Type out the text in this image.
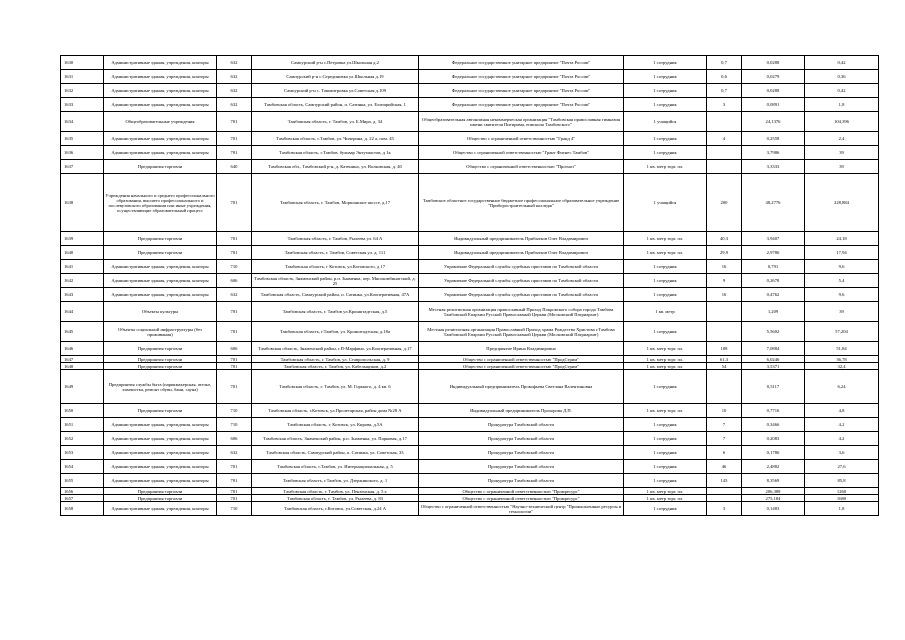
1630	Административные здания, учреждения, конторы	632	Сампурский р-н с.Петровка ул.Школьная д.2	Федеральное государственное унитарное предприятие "Почта России"	1 сотрудник	0,7	0,0288	0,42
1631	Административные здания, учреждения, конторы	632	Сампурский р-н с.Серединовка ул.Школьная д.19	Федеральное государственное унитарное предприятие "Почта России"	1 сотрудник	0,6	0,0279	0,36
1632	Административные здания, учреждения, конторы	632	Сампурский р-н с. Ташмитровка ул.Советская д.109	Федеральное государственное унитарное предприятие "Почта России"	1 сотрудник	0,7	0,0288	0,42
1633	Административные здания, учреждения, конторы	632	Тамбовская область, Сампурский район, п. Сатинка, ул. Елизарийская, 1	Федеральное государственное унитарное предприятие "Почта России"	1 сотрудник	3	0,0891	1,8
1634	Общеобразовательные учреждения	701	Тамбовская область, г. Тамбов, ул. Б.Мира, д. 34	Общеобразовательная автономная некоммерческая организация "Тамбовская православная гимназия имени святителя Питирима, епископа Тамбовского"	1 учащийся		24,1376	104,396
1635	Административные здания, учреждения, конторы	701	Тамбовская область, г.Тамбов, ул. Чичерина, д. 22 а, пом. 45	Общество с ограниченной ответственностью "Гранд 4"	1 сотрудник	4	0,2558	2,4
1636	Административные здания, учреждения, конторы	701	Тамбовская область, г.Тамбов, бульвар Энтузиастов, д 1к	Общество с ограниченной ответственностью "Грант Фитнес Тамбов"	1 сотрудник		3,7986	39
1637	Предприятия торговли	640	Тамбовская обл., Тамбовский р-н, д. Катенино, ул. Волковская, д. 40	Общество с ограниченной ответственностью "Прогноз"	1 кв. метр торг. пл.		3,3333	39
1638	Учреждения начального и среднего профессионального образования, высшего профессионального и послевузовского образования или иные учреждения, осуществляющие образовательный процесс	701	Тамбовская область, г. Тамбов, Моршанское шоссе, д.17	Тамбовское областное государственное бюджетное профессиональное образовательное учреждение "Приборостроительный колледж"	1 учащийся	200	48,2776	228,884
1639	Предприятия торговли	701	Тамбовская область, г. Тамбов, Рылеева ул. 64 А	Индивидуальный предприниматель Прибытков Олег Владимирович	1 кв. метр торг. пл.	40,3	3,9407	24,18
1640	Предприятия торговли	701	Тамбовская область, г. Тамбов, Советская ул. д. 111	Индивидуальный предприниматель Прибытков Олег Владимирович	1 кв. метр торг. пл.	29,9	2,9786	17,94
1641	Административные здания, учреждения, конторы	710	Тамбовская область, г Котовск, ул.Котовского, д 17	Управление Федеральной службы судебных приставов по Тамбовской области	1 сотрудник	16	0,791	9,6
1642	Административные здания, учреждения, конторы	606	Тамбовская область, Знаменский район, р.п. Знаменка, пер. Мясокомбинатский, д. 25	Управление Федеральной службы судебных приставов по Тамбовской области	1 сотрудник	9	0,2678	5,4
1643	Административные здания, учреждения, конторы	632	Тамбовская область, Сампурский район, п. Сатинка, ул.Кооперативная, 47А	Управление Федеральной службы судебных приставов по Тамбовской области	1 сотрудник	16	0,4762	9,6
1644	Объекты культуры	701	Тамбовская область, г. Тамбов ул.Кронштадтская, д.5	Местная религиозная организация православный Приход Покровского собора города Тамбова Тамбовской Епархии Русской Православной Церкви (Московский Патриархат)	1 кв. метр		1,209	39
1645	Объекты социальной инфраструктуры (без проживания)	701	Тамбовская область, г.Тамбов, ул. Кронштадтская, д.18а	Местная религиозная организация Православный Приход храма Рождества Христова г.Тамбова Тамбовской Епархии Русской Православной Церкви (Московский Патриархат)	1 сотрудник		5,5602	57,204
1646	Предприятия торговли	606	Тамбовская область, Знаменский район, г.П-Марфино, ул.Кооперативная, д.17	Предприятие Ирина Владимировна	1 кв. метр торг. пл.	108	7,0884	51,84
1647	Предприятия торговли	701	Тамбовская область, г. Тамбов, ул. Ставропольская, д. 9	Общество с ограниченной ответственностью "ПродСтрим"	1 кв. метр торг. пл.	61,3	6,0246	36,78
1648	Предприятия торговли	701	Тамбовская область, г. Тамбов, ул. Кабельщиков, д.2	Общество с ограниченной ответственностью "ПродСтрим"	1 кв. метр торг. пл.	54	3,5371	32,4
1649	Предприятия службы быта (парикмахерская, ателье, химчистка, ремонт обуви, бани, сауна)	701	Тамбовская область, г. Тамбов, ул. М. Горького, д. 4 кв. 6	Индивидуальный предприниматель Прокофьева Светлана Валентиновна	1 сотрудник		0,5117	6,24
1650	Предприятия торговли	710	Тамбовская область, г.Котовск, ул.Пролетарская, район дома №28 А	Индивидуальный предприниматель Прохорова Д.П.	1 кв. метр торг. пл.	10	0,7716	4,8
1651	Административные здания, учреждения, конторы	710	Тамбовская область, г. Котовск, ул. Кирова, д.5А	Прокуратура Тамбовской области	1 сотрудник	7	0,3466	4,2
1652	Административные здания, учреждения, конторы	606	Тамбовская область, Знаменский район, р.п. Знаменка, ул. Парковая, д.17	Прокуратура Тамбовской области	1 сотрудник	7	0,2083	4,2
1653	Административные здания, учреждения, конторы	632	Тамбовская область, Сампурский район, п. Сатинка, ул. Советская, 33	Прокуратура Тамбовской области	1 сотрудник	6	0,1786	3,6
1654	Административные здания, учреждения, конторы	701	Тамбовская область, г.Тамбов, ул. Интернациональная, д. 5	Прокуратура Тамбовской области	1 сотрудник	46	2,4882	27,6
1655	Административные здания, учреждения, конторы	701	Тамбовская область, г.Тамбов, ул. Дзержинского, д. 1	Прокуратура Тамбовской области	1 сотрудник	143	8,3569	85,8
1656	Предприятия торговли	701	Тамбовская область, г. Тамбов, ул. Пензенская, д. 5 а	Общество с ограниченной ответственностью "Промресурс"	1 кв. метр торг. пл.		206,388	1260
1657	Предприятия торговли	701	Тамбовская область, г. Тамбов, ул. Рылеева, д. 83	Общество с ограниченной ответственностью "Промресурс"	1 кв. метр торг. пл.		275,184	1680
1658	Административные здания, учреждения, конторы	710	Тамбовская область, г.Котовск, ул.Советская, д.24 А	Общество с ограниченной ответственностью "Научно-технический центр "Промышленные ресурсы и технологии"	1 сотрудник	3	0,1483	1,8
